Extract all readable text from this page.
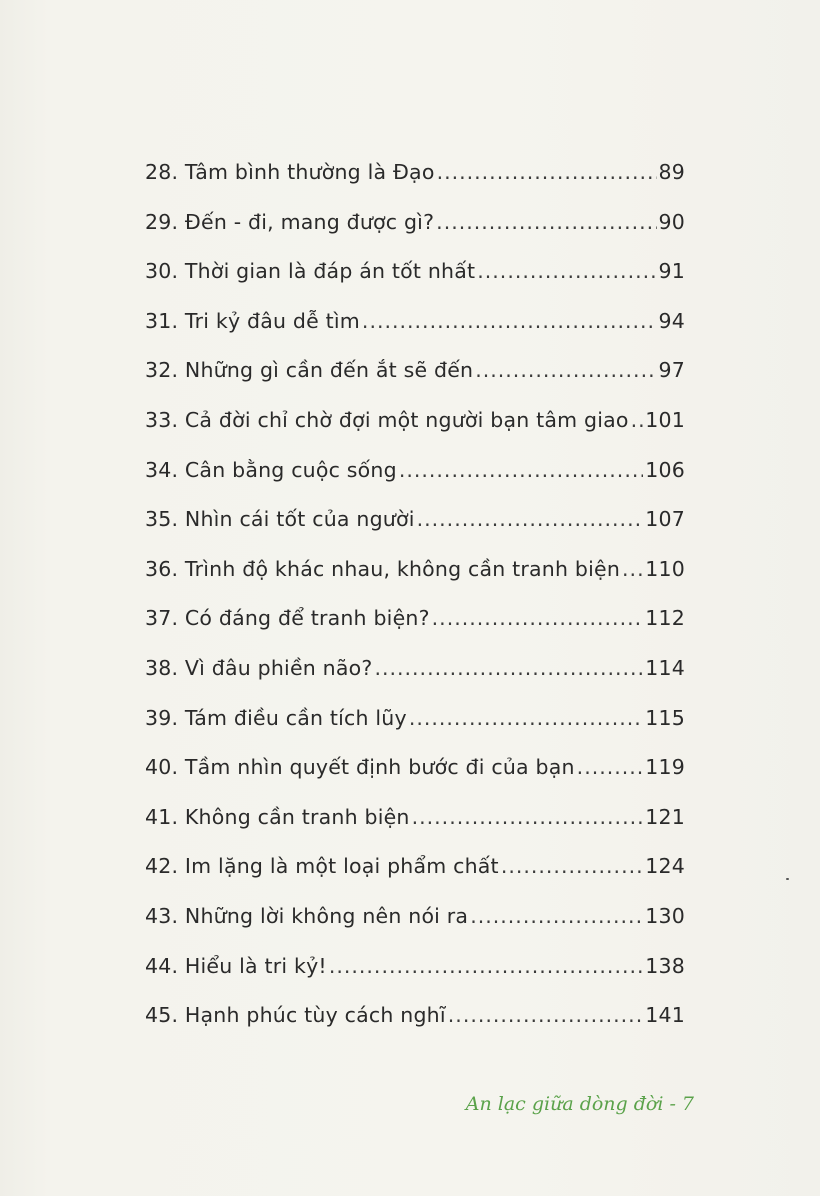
28. Tâm bình thường là Đạo .....	89
29. Đến - đi, mang được gì? .....	90
30. Thời gian là đáp án tốt nhất .....	91
31. Tri kỷ đâu dễ tìm .....	94
32. Những gì cần đến ắt sẽ đến .....	97
33. Cả đời chỉ chờ đợi một người bạn tâm giao ..... 101
34. Cân bằng cuộc sống .....	106
35. Nhìn cái tốt của người .....	107
36. Trình độ khác nhau, không cần tranh biện ..... 110
37. Có đáng để tranh biện? .....	112
38. Vì đâu phiền não? .....	114
39. Tám điều cần tích lũy .....	115
40. Tầm nhìn quyết định bước đi của bạn .....	119
41. Không cần tranh biện .....	121
42. Im lặng là một loại phẩm chất .....	124
43. Những lời không nên nói ra .....	130
44. Hiểu là tri kỷ! .....	138
45. Hạnh phúc tùy cách nghĩ .....	141
An lạc giữa dòng đời - 7
